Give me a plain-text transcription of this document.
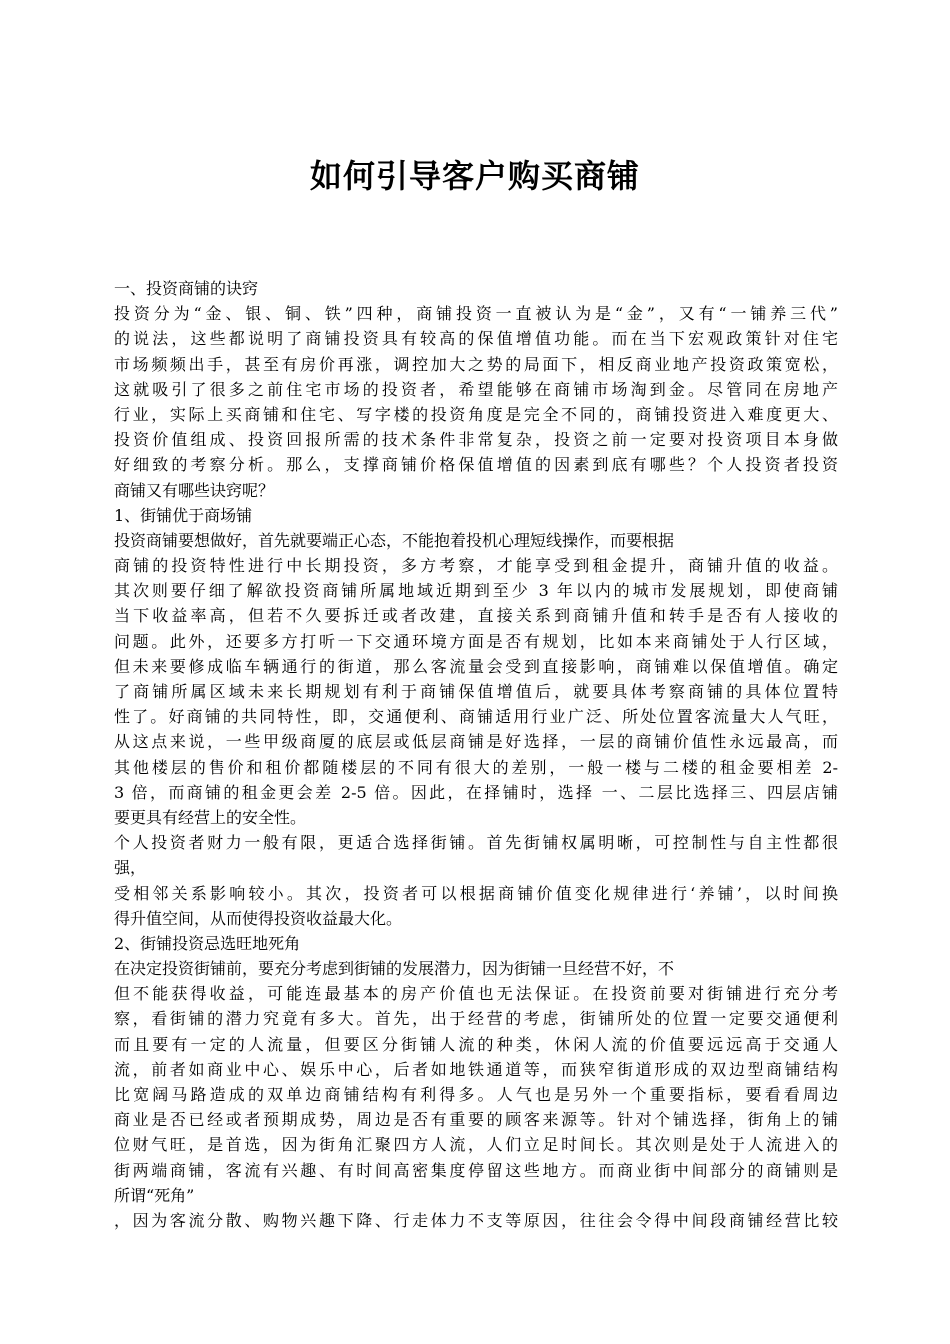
如何引导客户购买商铺
一、投资商铺的诀窍
投资分为“金、银、铜、铁”四种，商铺投资一直被认为是“金”，又有“一铺养三代”
的说法，这些都说明了商铺投资具有较高的保值增值功能。而在当下宏观政策针对住宅
市场频频出手，甚至有房价再涨，调控加大之势的局面下，相反商业地产投资政策宽松，
这就吸引了很多之前住宅市场的投资者，希望能够在商铺市场淘到金。尽管同在房地产
行业，实际上买商铺和住宅、写字楼的投资角度是完全不同的，商铺投资进入难度更大、
投资价值组成、投资回报所需的技术条件非常复杂，投资之前一定要对投资项目本身做
好细致的考察分析。那么，支撑商铺价格保值增值的因素到底有哪些？个人投资者投资
商铺又有哪些诀窍呢？
1、街铺优于商场铺
投资商铺要想做好，首先就要端正心态，不能抱着投机心理短线操作，而要根据
商铺的投资特性进行中长期投资，多方考察，才能享受到租金提升，商铺升值的收益。
其次则要仔细了解欲投资商铺所属地域近期到至少 3 年以内的城市发展规划，即使商铺
当下收益率高，但若不久要拆迁或者改建，直接关系到商铺升值和转手是否有人接收的
问题。此外，还要多方打听一下交通环境方面是否有规划，比如本来商铺处于人行区域，
但未来要修成临车辆通行的街道，那么客流量会受到直接影响，商铺难以保值增值。确定
了商铺所属区域未来长期规划有利于商铺保值增值后，就要具体考察商铺的具体位置特
性了。好商铺的共同特性，即，交通便利、商铺适用行业广泛、所处位置客流量大人气旺，
从这点来说，一些甲级商厦的底层或低层商铺是好选择，一层的商铺价值性永远最高，而
其他楼层的售价和租价都随楼层的不同有很大的差别，一般一楼与二楼的租金要相差 2-
3 倍，而商铺的租金更会差 2-5 倍。因此，在择铺时，选择 一、二层比选择三、四层店铺
要更具有经营上的安全性。
个人投资者财力一般有限，更适合选择街铺。首先街铺权属明晰，可控制性与自主性都很
强，
受相邻关系影响较小。其次，投资者可以根据商铺价值变化规律进行‘养铺’，以时间换
得升值空间，从而使得投资收益最大化。
2、街铺投资忌选旺地死角
在决定投资街铺前，要充分考虑到街铺的发展潜力，因为街铺一旦经营不好，不
但不能获得收益，可能连最基本的房产价值也无法保证。在投资前要对街铺进行充分考
察，看街铺的潜力究竟有多大。首先，出于经营的考虑，街铺所处的位置一定要交通便利
而且要有一定的人流量，但要区分街铺人流的种类，休闲人流的价值要远远高于交通人
流，前者如商业中心、娱乐中心，后者如地铁通道等，而狭窄街道形成的双边型商铺结构
比宽阔马路造成的双单边商铺结构有利得多。人气也是另外一个重要指标，要看看周边
商业是否已经或者预期成势，周边是否有重要的顾客来源等。针对个铺选择，街角上的铺
位财气旺，是首选，因为街角汇聚四方人流，人们立足时间长。其次则是处于人流进入的
街两端商铺，客流有兴趣、有时间高密集度停留这些地方。而商业街中间部分的商铺则是
所谓“死角”
，因为客流分散、购物兴趣下降、行走体力不支等原因，往往会令得中间段商铺经营比较
